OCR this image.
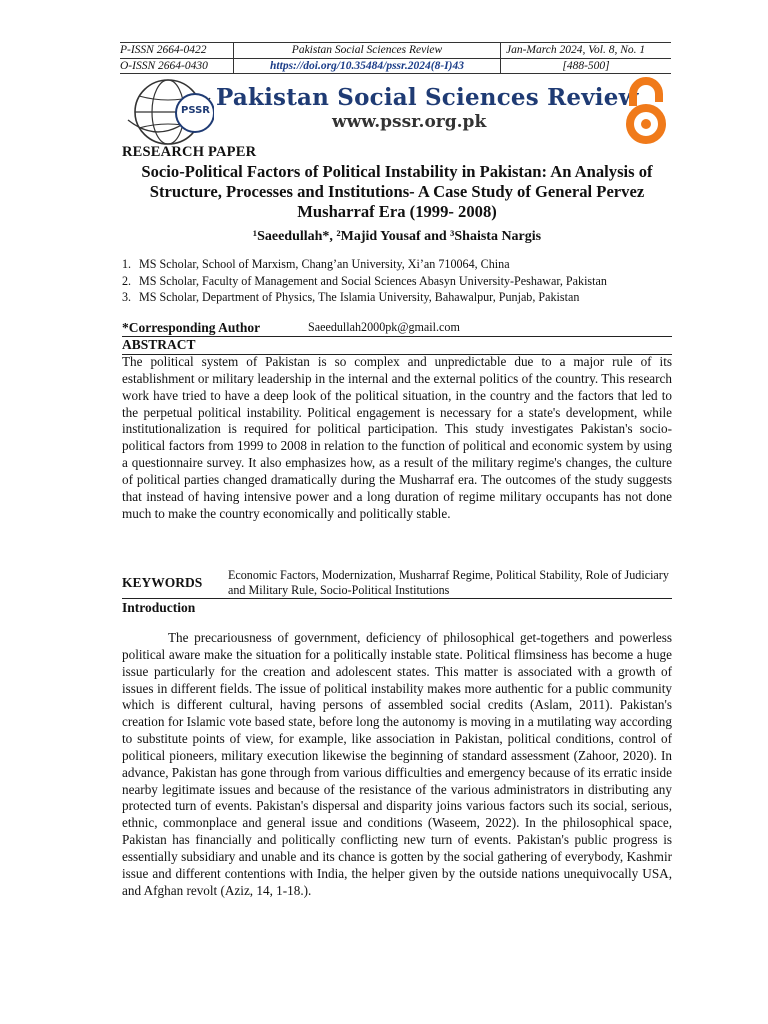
P-ISSN 2664-0422
O-ISSN 2664-0430
Pakistan Social Sciences Review
https://doi.org/10.35484/pssr.2024(8-I)43
Jan-March 2024, Vol. 8, No. 1
[488-500]
PSSR Pakistan Social Sciences Review
www.pssr.org.pk
RESEARCH PAPER
Socio-Political Factors of Political Instability in Pakistan: An Analysis of Structure, Processes and Institutions- A Case Study of General Pervez Musharraf Era (1999- 2008)
¹Saeedullah*, ²Majid Yousaf and ³Shaista Nargis
1. MS Scholar, School of Marxism, Chang’an University, Xi’an 710064, China
2. MS Scholar, Faculty of Management and Social Sciences Abasyn University-Peshawar, Pakistan
3. MS Scholar, Department of Physics, The Islamia University, Bahawalpur, Punjab, Pakistan
*Corresponding Author	Saeedullah2000pk@gmail.com
ABSTRACT
The political system of Pakistan is so complex and unpredictable due to a major rule of its establishment or military leadership in the internal and the external politics of the country. This research work have tried to have a deep look of the political situation, in the country and the factors that led to the perpetual political instability. Political engagement is necessary for a state's development, while institutionalization is required for political participation. This study investigates Pakistan's socio- political factors from 1999 to 2008 in relation to the function of political and economic system by using a questionnaire survey. It also emphasizes how, as a result of the military regime's changes, the culture of political parties changed dramatically during the Musharraf era. The outcomes of the study suggests that instead of having intensive power and a long duration of regime military occupants has not done much to make the country economically and politically stable.
KEYWORDS Economic Factors, Modernization, Musharraf Regime, Political Stability, Role of Judiciary and Military Rule, Socio-Political Institutions
Introduction
The precariousness of government, deficiency of philosophical get-togethers and powerless political aware make the situation for a politically instable state. Political flimsiness has become a huge issue particularly for the creation and adolescent states. This matter is associated with a growth of issues in different fields. The issue of political instability makes more authentic for a public community which is different cultural, having persons of assembled social credits (Aslam, 2011). Pakistan's creation for Islamic vote based state, before long the autonomy is moving in a mutilating way according to substitute points of view, for example, like association in Pakistan, political conditions, control of political pioneers, military execution likewise the beginning of standard assessment (Zahoor, 2020). In advance, Pakistan has gone through from various difficulties and emergency because of its erratic inside nearby legitimate issues and because of the resistance of the various administrators in distributing any protected turn of events. Pakistan's dispersal and disparity joins various factors such its social, serious, ethnic, commonplace and general issue and conditions (Waseem, 2022). In the philosophical space, Pakistan has financially and politically conflicting new turn of events. Pakistan's public progress is essentially subsidiary and unable and its chance is gotten by the social gathering of everybody, Kashmir issue and different contentions with India, the helper given by the outside nations unequivocally USA, and Afghan revolt (Aziz, 14, 1-18.).
